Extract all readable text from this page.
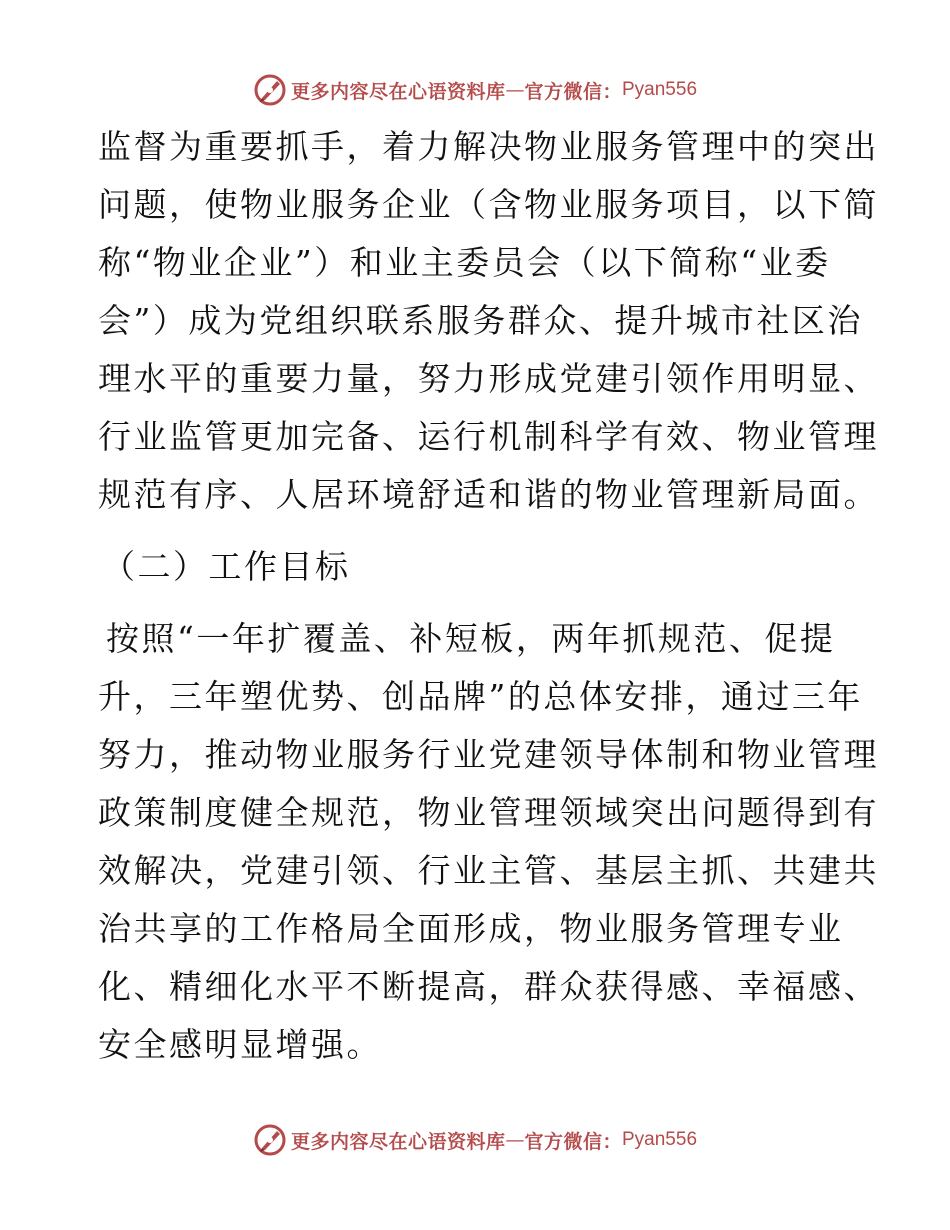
更多内容尽在心语资料库 — 官方微信： Pyan556
监督为重要抓手，着力解决物业服务管理中的突出
问题，使物业服务企业（含物业服务项目，以下简
称“物业企业”）和业主委员会（以下简称“业委
会”）成为党组织联系服务群众、提升城市社区治
理水平的重要力量，努力形成党建引领作用明显、
行业监管更加完备、运行机制科学有效、物业管理
规范有序、人居环境舒适和谐的物业管理新局面。
（二）工作目标
按照“一年扩覆盖、补短板，两年抓规范、促提
升，三年塑优势、创品牌”的总体安排，通过三年
努力，推动物业服务行业党建领导体制和物业管理
政策制度健全规范，物业管理领域突出问题得到有
效解决，党建引领、行业主管、基层主抓、共建共
治共享的工作格局全面形成，物业服务管理专业
化、精细化水平不断提高，群众获得感、幸福感、
安全感明显增强。
更多内容尽在心语资料库 — 官方微信： Pyan556
